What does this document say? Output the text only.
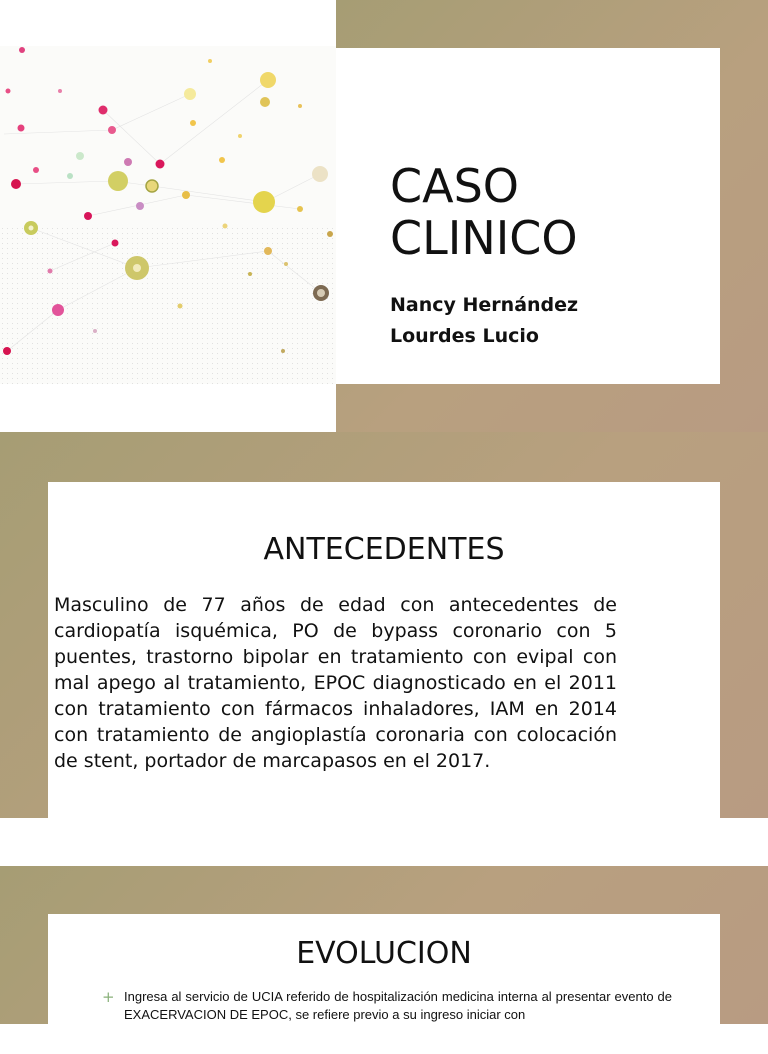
CASO CLINICO
Nancy Hernández
Lourdes Lucio
ANTECEDENTES
Masculino de 77 años de edad con antecedentes de cardiopatía isquémica, PO de bypass coronario con 5 puentes, trastorno bipolar en tratamiento con evipal con mal apego al tratamiento, EPOC diagnosticado en el 2011 con tratamiento con fármacos inhaladores, IAM en 2014 con tratamiento de angioplastía coronaria con colocación de stent, portador de marcapasos en el 2017.
EVOLUCION
+ Ingresa al servicio de UCIA referido de hospitalización medicina interna al presentar evento de EXACERVACION DE EPOC, se refiere previo a su ingreso iniciar con
